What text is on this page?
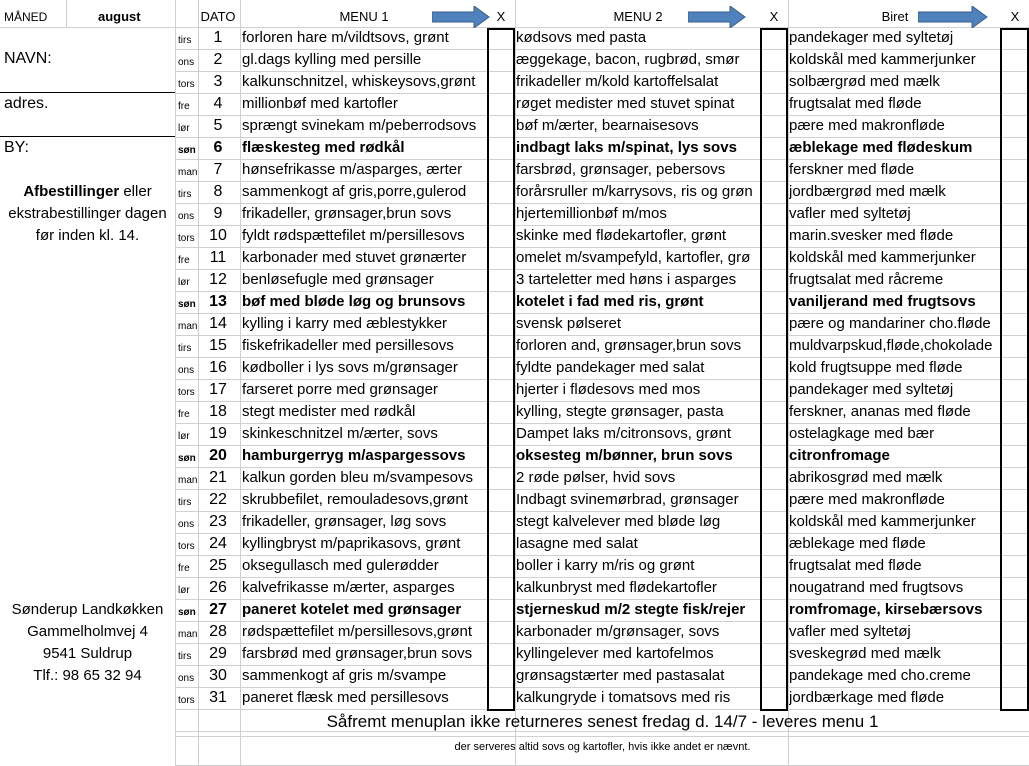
MÅNED	august	DATO	MENU 1	MENU 2	Biret
X	X	X
NAVN:
adres.
BY:
Afbestillinger eller
ekstrabestillinger dagen
før inden kl. 14.
Sønderup Landkøkken
Gammelholmvej 4
9541 Suldrup
Tlf.: 98 65 32 94
tirs	1	forloren hare m/vildtsovs, grønt	kødsovs med pasta	pandekager med syltetøj
ons	2	gl.dags kylling med persille	æggekage, bacon, rugbrød, smør	koldskål med kammerjunker
tors	3	kalkunschnitzel, whiskeysovs,grønt	frikadeller m/kold kartoffelsalat	solbærgrød med mælk
fre	4	millionbøf med kartofler	røget medister med stuvet spinat	frugtsalat med fløde
lør	5	sprængt svinekam m/peberrodsovs	bøf m/ærter, bearnaisesovs	pære med makronfløde
søn	6	flæskesteg med rødkål	indbagt laks m/spinat, lys sovs	æblekage med flødeskum
man	7	hønsefrikasse m/asparges, ærter	farsbrød, grønsager, pebersovs	ferskner med fløde
tirs	8	sammenkogt af gris,porre,gulerod	forårsruller m/karrysovs, ris og grøn	jordbærgrød med mælk
ons	9	frikadeller, grønsager,brun sovs	hjertemillionbøf m/mos	vafler med syltetøj
tors 10	fyldt rødspættefilet m/persillesovs	skinke med flødekartofler, grønt	marin.svesker med fløde
fre	11	karbonader med stuvet grønærter	omelet m/svampefyld, kartofler, grø	koldskål med kammerjunker
lør	12	benløsefugle med grønsager	3 tarteletter med høns i asparges	frugtsalat med råcreme
søn 13	bøf med bløde løg og brunsovs	kotelet i fad med ris, grønt	vaniljerand med frugtsovs
man 14	kylling i karry med æblestykker	svensk pølseret	pære og mandariner cho.fløde
tirs	15	fiskefrikadeller med persillesovs	forloren and, grønsager,brun sovs	muldvarpskud,fløde,chokolade
ons 16	kødboller i lys sovs m/grønsager	fyldte pandekager med salat	kold frugtsuppe med fløde
tors 17	farseret porre med grønsager	hjerter i flødesovs med mos	pandekager med syltetøj
fre	18	stegt medister med rødkål	kylling, stegte grønsager, pasta	ferskner, ananas med fløde
lør	19	skinkeschnitzel m/ærter, sovs	Dampet laks m/citronsovs, grønt	ostelagkage med bær
søn 20	hamburgerryg m/aspargessovs	oksesteg m/bønner, brun sovs	citronfromage
man 21	kalkun gorden bleu m/svampesovs	2 røde pølser, hvid sovs	abrikosgrød med mælk
tirs	22	skrubbefilet, remouladesovs,grønt	Indbagt svinemørbrad, grønsager	pære med makronfløde
ons 23	frikadeller, grønsager, løg sovs	stegt kalvelever med bløde løg	koldskål med kammerjunker
tors 24	kyllingbryst m/paprikasovs, grønt	lasagne med salat	æblekage med fløde
fre	25	oksegullasch med gulerødder	boller i karry m/ris og grønt	frugtsalat med fløde
lør	26	kalvefrikasse m/ærter, asparges	kalkunbryst med flødekartofler	nougatrand med frugtsovs
søn 27	paneret kotelet med grønsager	stjerneskud m/2 stegte fisk/rejer	romfromage, kirsebærsovs
man 28	rødspættefilet m/persillesovs,grønt	karbonader m/grønsager, sovs	vafler med syltetøj
tirs	29	farsbrød med grønsager,brun sovs	kyllingelever med kartofelmos	sveskegrød med mælk
ons 30	sammenkogt af gris m/svampe	grønsagstærter med pastasalat	pandekage med cho.creme
tors 31	paneret flæsk med persillesovs	kalkungryde i tomatsovs med ris	jordbærkage med fløde
Såfremt menuplan ikke returneres senest fredag d. 14/7 - leveres menu 1
der serveres altid sovs og kartofler, hvis ikke andet er nævnt.
